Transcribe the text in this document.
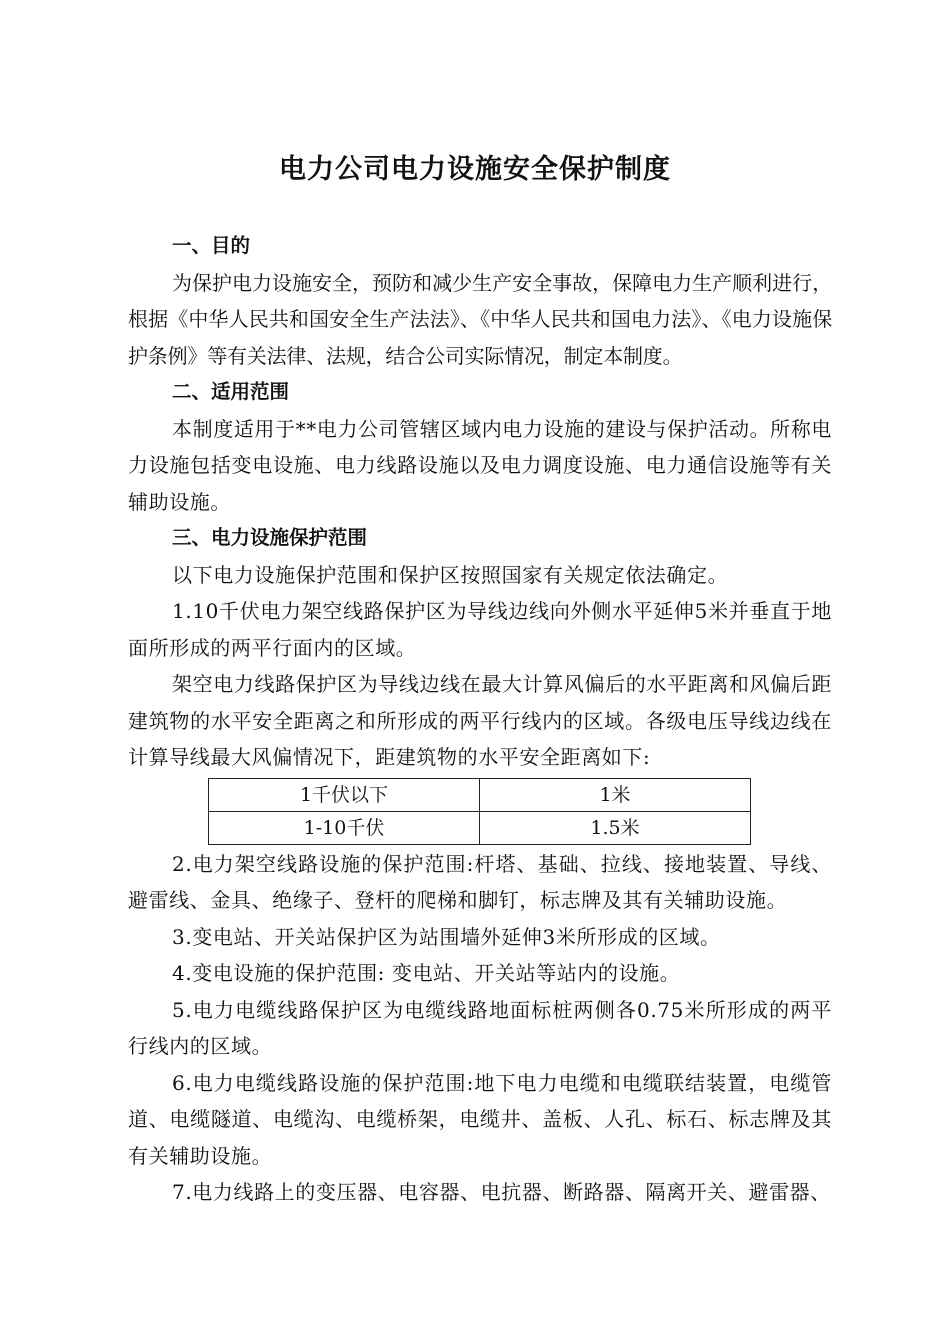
电力公司电力设施安全保护制度
一、目的

为保护电力设施安全，预防和减少生产安全事故，保障电力生产顺利进行，根据《中华人民共和国安全生产法法》、《中华人民共和国电力法》、《电力设施保护条例》等有关法律、法规，结合公司实际情况，制定本制度。

二、适用范围

本制度适用于**电力公司管辖区域内电力设施的建设与保护活动。所称电力设施包括变电设施、电力线路设施以及电力调度设施、电力通信设施等有关辅助设施。

三、电力设施保护范围

以下电力设施保护范围和保护区按照国家有关规定依法确定。

1.10千伏电力架空线路保护区为导线边线向外侧水平延伸5米并垂直于地面所形成的两平行面内的区域。

架空电力线路保护区为导线边线在最大计算风偏后的水平距离和风偏后距建筑物的水平安全距离之和所形成的两平行线内的区域。各级电压导线边线在计算导线最大风偏情况下，距建筑物的水平安全距离如下:

1千伏以下	1米
1-10千伏	1.5米

2.电力架空线路设施的保护范围:杆塔、基础、拉线、接地装置、导线、避雷线、金具、绝缘子、登杆的爬梯和脚钉，标志牌及其有关辅助设施。

3.变电站、开关站保护区为站围墙外延伸3米所形成的区域。

4.变电设施的保护范围: 变电站、开关站等站内的设施。

5.电力电缆线路保护区为电缆线路地面标桩两侧各0.75米所形成的两平行线内的区域。

6.电力电缆线路设施的保护范围:地下电力电缆和电缆联结装置，电缆管道、电缆隧道、电缆沟、电缆桥架，电缆井、盖板、人孔、标石、标志牌及其有关辅助设施。

7.电力线路上的变压器、电容器、电抗器、断路器、隔离开关、避雷器、
